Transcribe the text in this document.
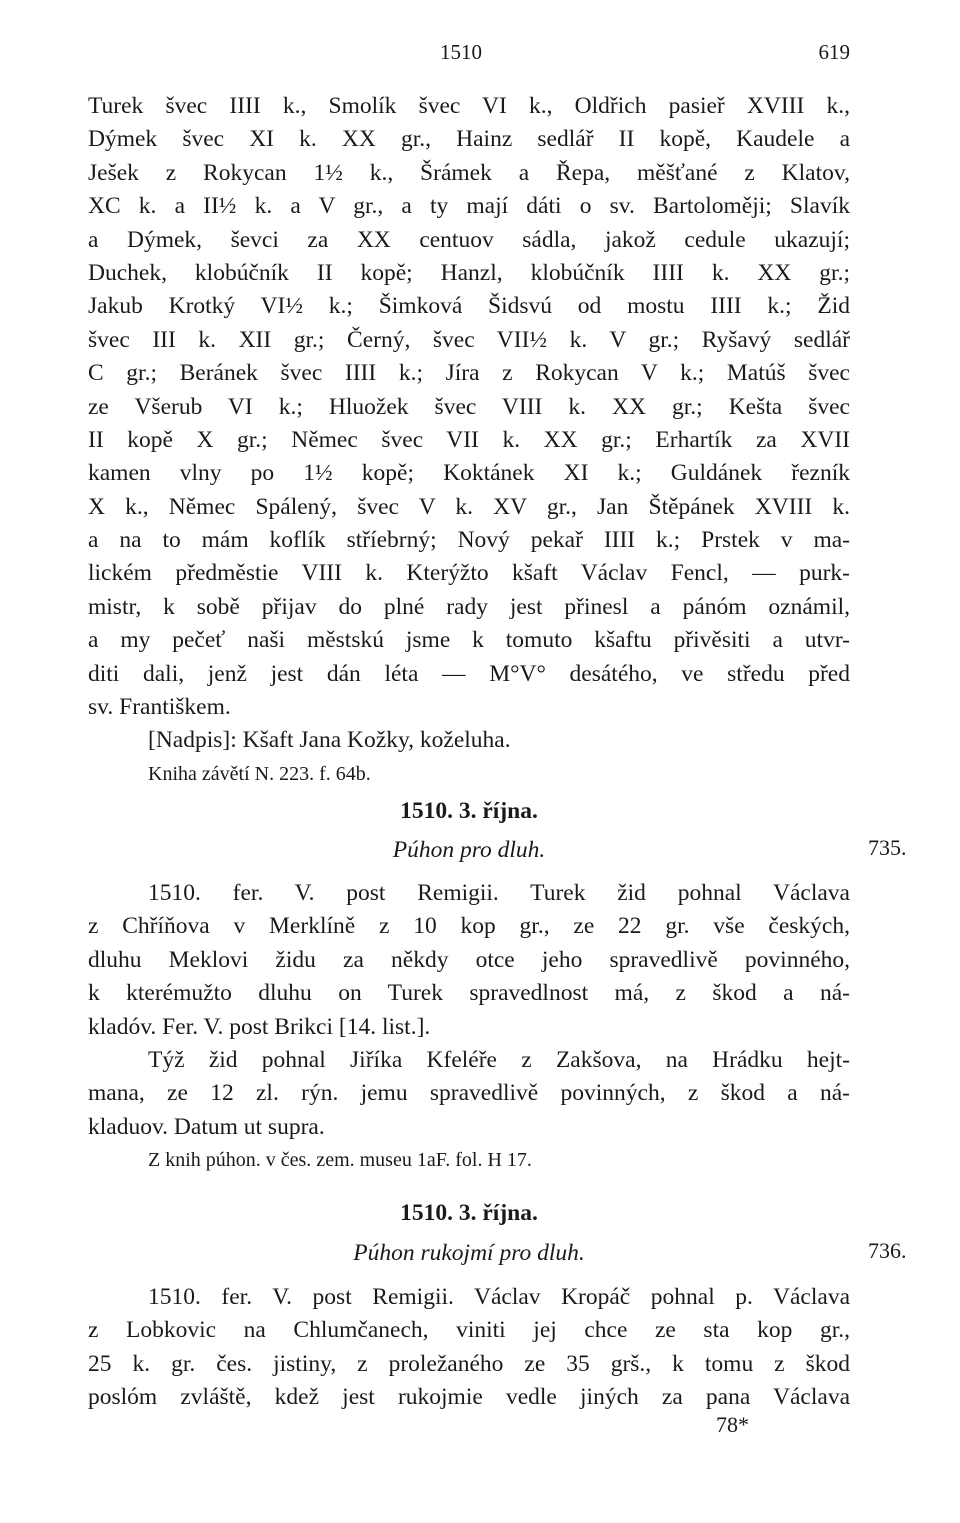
1510	619
Turek švec IIII k., Smolík švec VI k., Oldřich pasieř XVIII k.,
Dýmek švec XI k. XX gr., Hainz sedlář II kopě, Kaudele a
Ješek z Rokycan 1½ k., Šrámek a Řepa, měšťané z Klatov,
XC k. a II½ k. a V gr., a ty mají dáti o sv. Bartoloměji; Slavík
a Dýmek, ševci za XX centuov sádla, jakož cedule ukazují;
Duchek, klobúčník II kopě; Hanzl, klobúčník IIII k. XX gr.;
Jakub Krotký VI½ k.; Šimková Šidsvú od mostu IIII k.; Žid
švec III k. XII gr.; Černý, švec VII½ k. V gr.; Ryšavý sedlář
C gr.; Beránek švec IIII k.; Jíra z Rokycan V k.; Matúš švec
ze Všerub VI k.; Hluožek švec VIII k. XX gr.; Kešta švec
II kopě X gr.; Němec švec VII k. XX gr.; Erhartík za XVII
kamen vlny po 1½ kopě; Koktánek XI k.; Guldánek řezník
X k., Němec Spálený, švec V k. XV gr., Jan Štěpánek XVIII k.
a na to mám koflík stříebrný; Nový pekař IIII k.; Prstek v ma-
lickém předměstie VIII k. Kterýžto kšaft Václav Fencl, — purk-
mistr, k sobě přijav do plné rady jest přinesl a pánóm oznámil,
a my pečeť naši městskú jsme k tomuto kšaftu přivěsiti a utvr-
diti dali, jenž jest dán léta — M°V° desátého, ve středu před
sv. Františkem.
[Nadpis]: Kšaft Jana Kožky, koželuha.
Kniha závětí N. 223. f. 64b.
1510. 3. října.
Púhon pro dluh.	735.
1510. fer. V. post Remigii. Turek žid pohnal Václava
z Chříňova v Merklíně z 10 kop gr., ze 22 gr. vše českých,
dluhu Meklovi židu za někdy otce jeho spravedlivě povinného,
k kterémužto dluhu on Turek spravedlnost má, z škod a ná-
kladóv. Fer. V. post Brikci [14. list.].
Týž žid pohnal Jiříka Kfeléře z Zakšova, na Hrádku hejt-
mana, ze 12 zl. rýn. jemu spravedlivě povinných, z škod a ná-
kladuov. Datum ut supra.
Z knih púhon. v čes. zem. museu 1aF. fol. H 17.
1510. 3. října.
Púhon rukojmí pro dluh.	736.
1510. fer. V. post Remigii. Václav Kropáč pohnal p. Václava
z Lobkovic na Chlumčanech, viniti jej chce ze sta kop gr.,
25 k. gr. čes. jistiny, z proležaného ze 35 grš., k tomu z škod
poslóm zvláště, kdež jest rukojmie vedle jiných za pana Václava
78*
